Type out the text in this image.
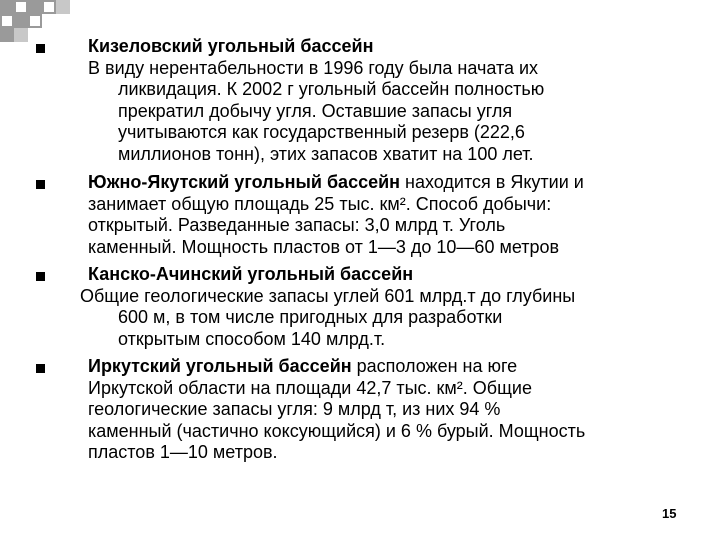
Кизеловский угольный бассейн
В виду нерентабельности в 1996 году была начата их
ликвидация. К 2002 г угольный бассейн полностью
прекратил добычу угля. Оставшие запасы угля
учитываются как государственный резерв (222,6
миллионов тонн), этих запасов хватит на 100 лет.
Южно-Якутский угольный бассейн находится в Якутии и
занимает общую площадь 25 тыс. км². Способ добычи:
открытый. Разведанные запасы: 3,0 млрд т. Уголь
каменный. Мощность пластов от 1—3 до 10—60 метров
Канско-Ачинский угольный бассейн
Общие геологические запасы углей 601 млрд.т до глубины
600 м, в том числе пригодных для разработки
открытым способом 140 млрд.т.
Иркутский угольный бассейн расположен на юге
Иркутской области на площади 42,7 тыс. км². Общие
геологические запасы угля: 9 млрд т, из них 94 %
каменный (частично коксующийся) и 6 % бурый. Мощность
пластов 1—10 метров.
15
